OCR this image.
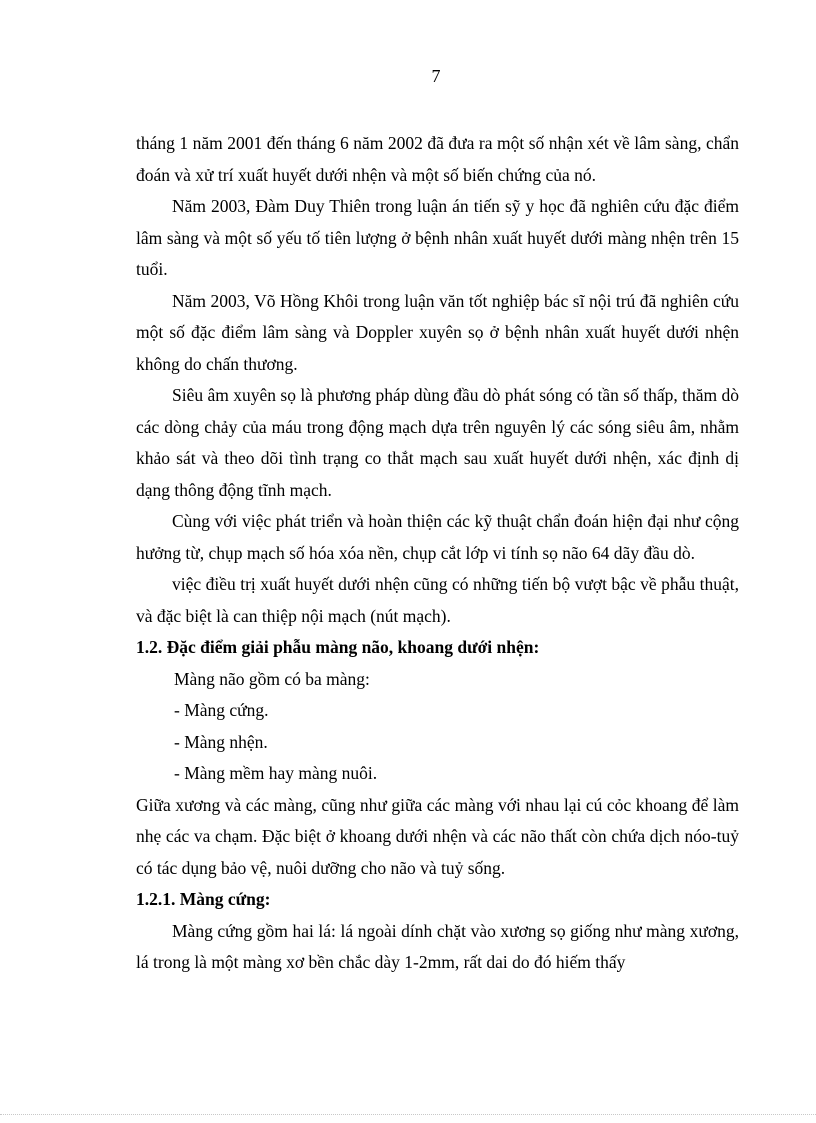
7

tháng 1 năm 2001 đến tháng 6 năm 2002 đã đưa ra một số nhận xét về lâm sàng, chẩn đoán và xử trí xuất huyết dưới nhện và một số biến chứng của nó.

Năm 2003, Đàm Duy Thiên trong luận án tiến sỹ y học đã nghiên cứu đặc điểm lâm sàng và một số yếu tố tiên lượng ở bệnh nhân xuất huyết dưới màng nhện trên 15 tuổi.

Năm 2003, Võ Hồng Khôi trong luận văn tốt nghiệp bác sĩ nội trú đã nghiên cứu một số đặc điểm lâm sàng và Doppler xuyên sọ ở bệnh nhân xuất huyết dưới nhện không do chấn thương.

Siêu âm xuyên sọ là phương pháp dùng đầu dò phát sóng có tần số thấp, thăm dò các dòng chảy của máu trong động mạch dựa trên nguyên lý các sóng siêu âm, nhằm khảo sát và theo dõi tình trạng co thắt mạch sau xuất huyết dưới nhện, xác định dị dạng thông động tĩnh mạch.

Cùng với việc phát triển và hoàn thiện các kỹ thuật chẩn đoán hiện đại như cộng hưởng từ, chụp mạch số hóa xóa nền, chụp cắt lớp vi tính sọ não 64 dãy đầu dò.

việc điều trị xuất huyết dưới nhện cũng có những tiến bộ vượt bậc về phẫu thuật, và đặc biệt là can thiệp nội mạch (nút mạch).

1.2. Đặc điểm giải phẫu màng não, khoang dưới nhện:

Màng não gồm có ba màng:

- Màng cứng.

- Màng nhện.

- Màng mềm hay màng nuôi.

Giữa xương và các màng, cũng như giữa các màng với nhau lại cú cỏc khoang để làm nhẹ các va chạm. Đặc biệt ở khoang dưới nhện và các não thất còn chứa dịch nóo-tuỷ có tác dụng bảo vệ, nuôi dưỡng cho não và tuỷ sống.

1.2.1. Màng cứng:

Màng cứng gồm hai lá: lá ngoài dính chặt vào xương sọ giống như màng xương, lá trong là một màng xơ bền chắc dày 1-2mm, rất dai do đó hiếm thấy
